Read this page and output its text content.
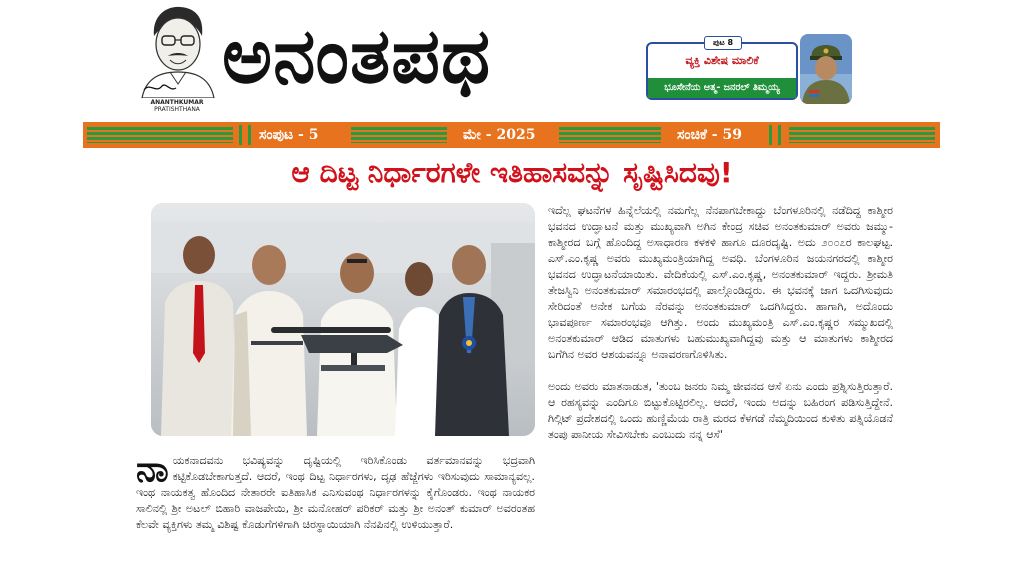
ANANTHKUMAR
PRATISHTHANA
ಅನಂತಪಥ	ಪುಟ 8
ವ್ಯಕ್ತಿ ವಿಶೇಷ ಮಾಲಿಕೆ
ಭೂಸೇನೆಯ ಆತ್ಮ- ಜನರಲ್ ತಿಮ್ಮಯ್ಯ
ಸಂಪುಟ - 5	ಮೇ - 2025	ಸಂಚಿಕೆ - 59
ಆ ದಿಟ್ಟ ನಿರ್ಧಾರಗಳೇ ಇತಿಹಾಸವನ್ನು ಸೃಷ್ಟಿಸಿದವು!
ನಾ ಯಕನಾದವನು ಭವಿಷ್ಯವನ್ನು ದೃಷ್ಟಿಯಲ್ಲಿ ಇರಿಸಿಕೊಂಡು ವರ್ತಮಾನವನ್ನು ಭದ್ರವಾಗಿ ಕಟ್ಟಿಕೊಡಬೇಕಾಗುತ್ತದೆ. ಆದರೆ, ಇಂಥ ದಿಟ್ಟ ನಿರ್ಧಾರಗಳು, ದೃಢ ಹೆಜ್ಜೆಗಳು ಇರಿಸುವುದು ಸಾಮಾನ್ಯವಲ್ಲ. ಇಂಥ ನಾಯಕತ್ವ ಹೊಂದಿದ ನೇತಾರರೇ ಐತಿಹಾಸಿಕ ಎನಿಸುವಂಥ ನಿರ್ಧಾರಗಳನ್ನು ಕೈಗೊಂಡರು. ಇಂಥ ನಾಯಕರ ಸಾಲಿನಲ್ಲಿ ಶ್ರೀ ಅಟಲ್ ಬಿಹಾರಿ ವಾಜಪೇಯಿ, ಶ್ರೀ ಮನೋಹರ್ ಪರಿಕರ್ ಮತ್ತು ಶ್ರೀ ಅನಂತ್ ಕುಮಾರ್ ಅವರಂತಹ ಕೆಲವೇ ವ್ಯಕ್ತಿಗಳು ತಮ್ಮ ವಿಶಿಷ್ಟ ಕೊಡುಗೆಗಳಿಗಾಗಿ ಚಿರಸ್ಥಾಯಿಯಾಗಿ ನೆನಪಿನಲ್ಲಿ ಉಳಿಯುತ್ತಾರೆ.

ಇದೆಲ್ಲ ಘಟನೆಗಳ ಹಿನ್ನೆಲೆಯಲ್ಲಿ ನಮಗೆಲ್ಲ ನೆನಪಾಗಬೇಕಾದ್ದು ಬೆಂಗಳೂರಿನಲ್ಲಿ ನಡೆದಿದ್ದ ಕಾಶ್ಮೀರ ಭವನದ ಉದ್ಘಾಟನೆ ಮತ್ತು ಮುಖ್ಯವಾಗಿ ಅಗಿನ ಕೇಂದ್ರ ಸಚಿವ ಅನಂತಕುಮಾರ್ ಅವರು ಜಮ್ಮು-ಕಾಶ್ಮೀರದ ಬಗ್ಗೆ ಹೊಂದಿದ್ದ ಅಸಾಧಾರಣ ಕಳಕಳಿ ಹಾಗೂ ದೂರದೃಷ್ಟಿ. ಅದು ೨೦೦೭ರ ಕಾಲಘಟ್ಟ. ಎಸ್.ಎಂ.ಕೃಷ್ಣ ಅವರು ಮುಖ್ಯಮಂತ್ರಿಯಾಗಿದ್ದ ಅವಧಿ. ಬೆಂಗಳೂರಿನ ಜಯನಗರದಲ್ಲಿ ಕಾಶ್ಮೀರ ಭವನದ ಉದ್ಘಾಟನೆಯಾಯಿತು. ವೇದಿಕೆಯಲ್ಲಿ ಎಸ್.ಎಂ.ಕೃಷ್ಣ, ಅನಂತಕುಮಾರ್ ಇದ್ದರು. ಶ್ರೀಮತಿ ತೇಜಸ್ವಿನಿ ಅನಂತಕುಮಾರ್ ಸಮಾರಂಭದಲ್ಲಿ ಪಾಲ್ಗೊಂಡಿದ್ದರು. ಈ ಭವನಕ್ಕೆ ಜಾಗ ಒದಗಿಸುವುದು ಸೇರಿದಂತೆ ಅನೇಕ ಬಗೆಯ ನೆರವನ್ನು ಅನಂತಕುಮಾರ್ ಒದಗಿಸಿದ್ದರು. ಹಾಗಾಗಿ, ಅದೊಂದು ಭಾವಪೂರ್ಣ ಸಮಾರಂಭವೂ ಆಗಿತ್ತು. ಅಂದು ಮುಖ್ಯಮಂತ್ರಿ ಎಸ್.ಎಂ.ಕೃಷ್ಣರ ಸಮ್ಮುಖದಲ್ಲಿ ಅನಂತಕುಮಾರ್ ಆಡಿದ ಮಾತುಗಳು ಬಹುಮುಖ್ಯವಾಗಿದ್ದವು ಮತ್ತು ಆ ಮಾತುಗಳು ಕಾಶ್ಮೀರದ ಬಗೆಗಿನ ಅವರ ಆಶಯವನ್ನೂ ಅನಾವರಣಗೊಳಿಸಿತು.

ಅಂದು ಅವರು ಮಾತನಾಡುತ, 'ತುಂಬ ಜನರು ನಿಮ್ಮ ಜೀವನದ ಆಸೆ ಏನು ಎಂದು ಪ್ರಶ್ನಿಸುತ್ತಿರುತ್ತಾರೆ. ಆ ರಹಸ್ಯವನ್ನು ಎಂದಿಗೂ ಬಿಟ್ಟುಕೊಟ್ಟಿರಲಿಲ್ಲ. ಆದರೆ, ಇಂದು ಅದನ್ನು ಬಹಿರಂಗ ಪಡಿಸುತ್ತಿದ್ದೇನೆ. ಗಿಲ್ಗಿಟ್ ಪ್ರದೇಶದಲ್ಲಿ ಒಂದು ಹುಣ್ಣಿಮೆಯ ರಾತ್ರಿ ಮರದ ಕೆಳಗಡೆ ನೆಮ್ಮದಿಯಿಂದ ಕುಳಿತು ಪತ್ನಿಯೊಡನೆ ತಂಪು ಪಾನೀಯ ಸೇವಿಸಬೇಕು ಎಂಬುದು ನನ್ನ ಆಸೆ'
